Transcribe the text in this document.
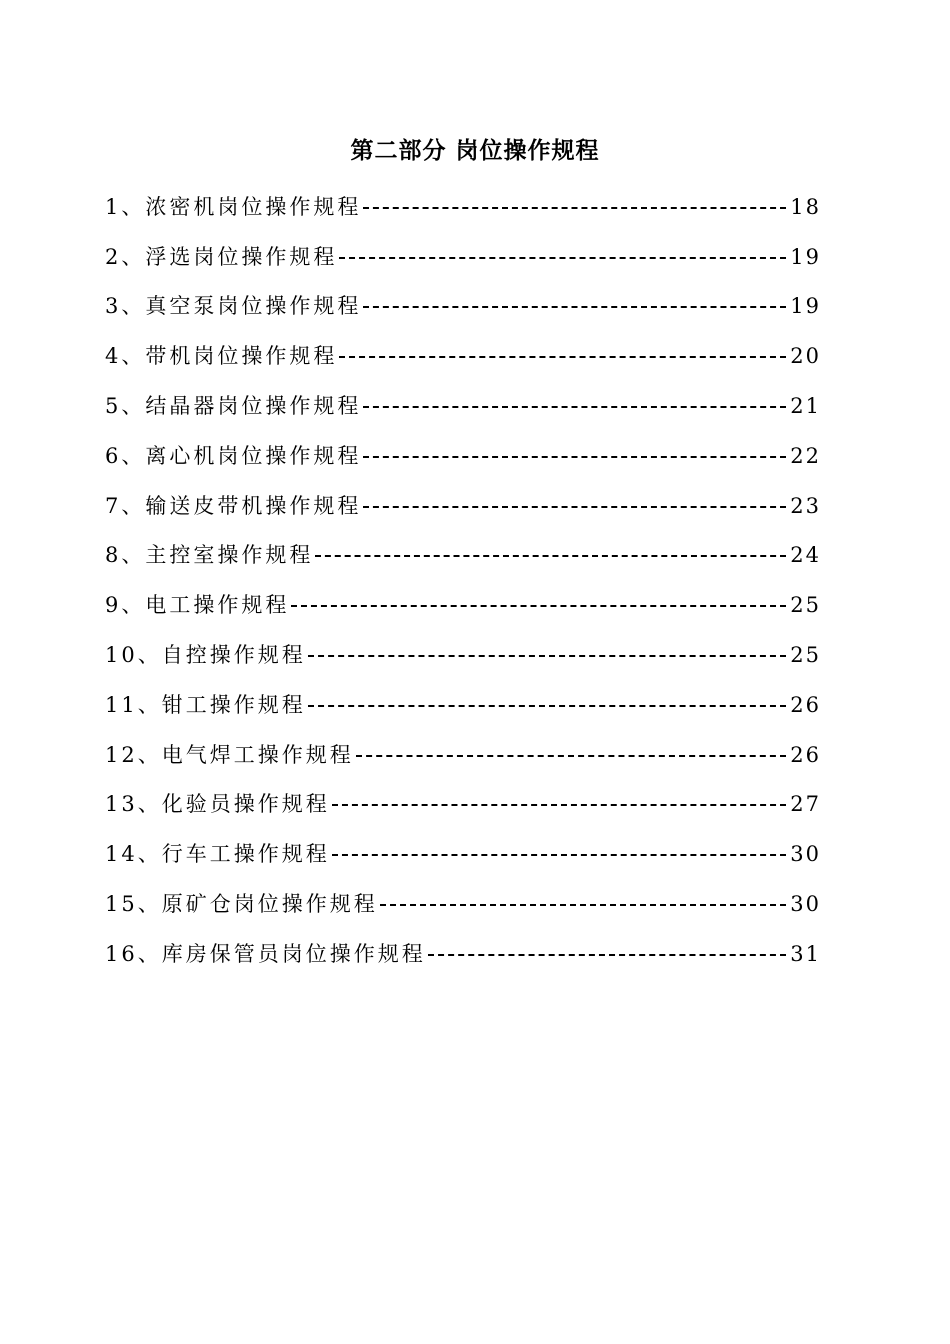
第二部分 岗位操作规程
1、浓密机岗位操作规程	18
2、浮选岗位操作规程	19
3、真空泵岗位操作规程	19
4、带机岗位操作规程	20
5、结晶器岗位操作规程	21
6、离心机岗位操作规程	22
7、输送皮带机操作规程	23
8、主控室操作规程	24
9、电工操作规程	25
10、自控操作规程	25
11、钳工操作规程	26
12、电气焊工操作规程	26
13、化验员操作规程	27
14、行车工操作规程	30
15、原矿仓岗位操作规程	30
16、库房保管员岗位操作规程	31
